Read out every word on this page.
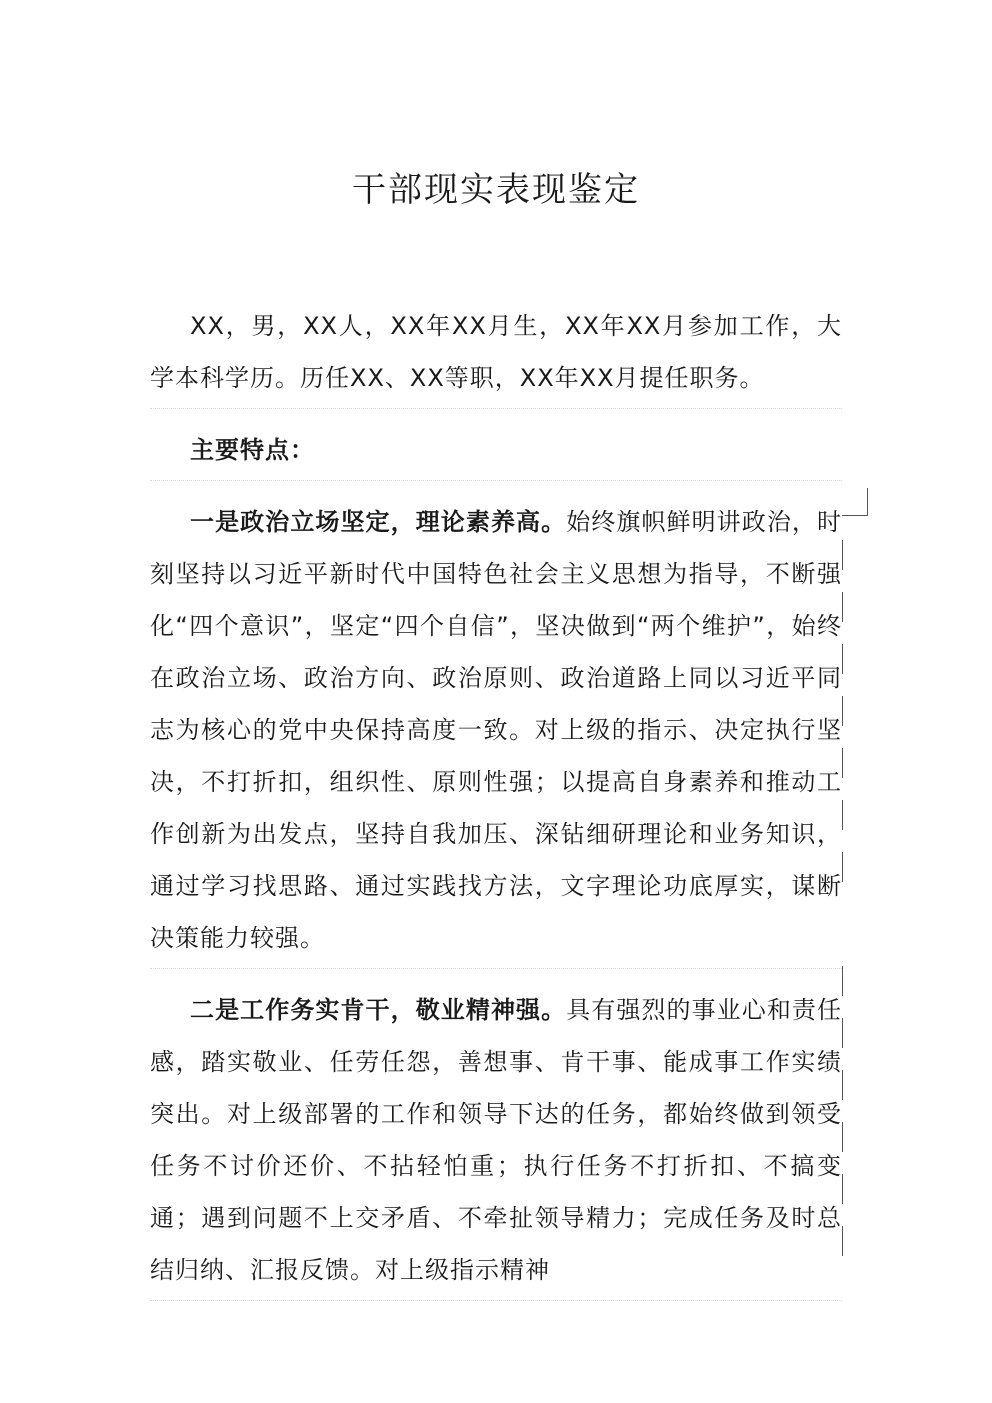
干部现实表现鉴定

XX，男，XX人，XX年XX月生，XX年XX月参加工作，大学本科学历。历任XX、XX等职，XX年XX月提任职务。

主要特点：

一是政治立场坚定，理论素养高。始终旗帜鲜明讲政治，时刻坚持以习近平新时代中国特色社会主义思想为指导，不断强化“四个意识”，坚定“四个自信”，坚决做到“两个维护”，始终在政治立场、政治方向、政治原则、政治道路上同以习近平同志为核心的党中央保持高度一致。对上级的指示、决定执行坚决，不打折扣，组织性、原则性强；以提高自身素养和推动工作创新为出发点，坚持自我加压、深钻细研理论和业务知识，通过学习找思路、通过实践找方法，文字理论功底厚实，谋断决策能力较强。

二是工作务实肯干，敬业精神强。具有强烈的事业心和责任感，踏实敬业、任劳任怨，善想事、肯干事、能成事工作实绩突出。对上级部署的工作和领导下达的任务，都始终做到领受任务不讨价还价、不拈轻怕重；执行任务不打折扣、不搞变通；遇到问题不上交矛盾、不牵扯领导精力；完成任务及时总结归纳、汇报反馈。对上级指示精神
